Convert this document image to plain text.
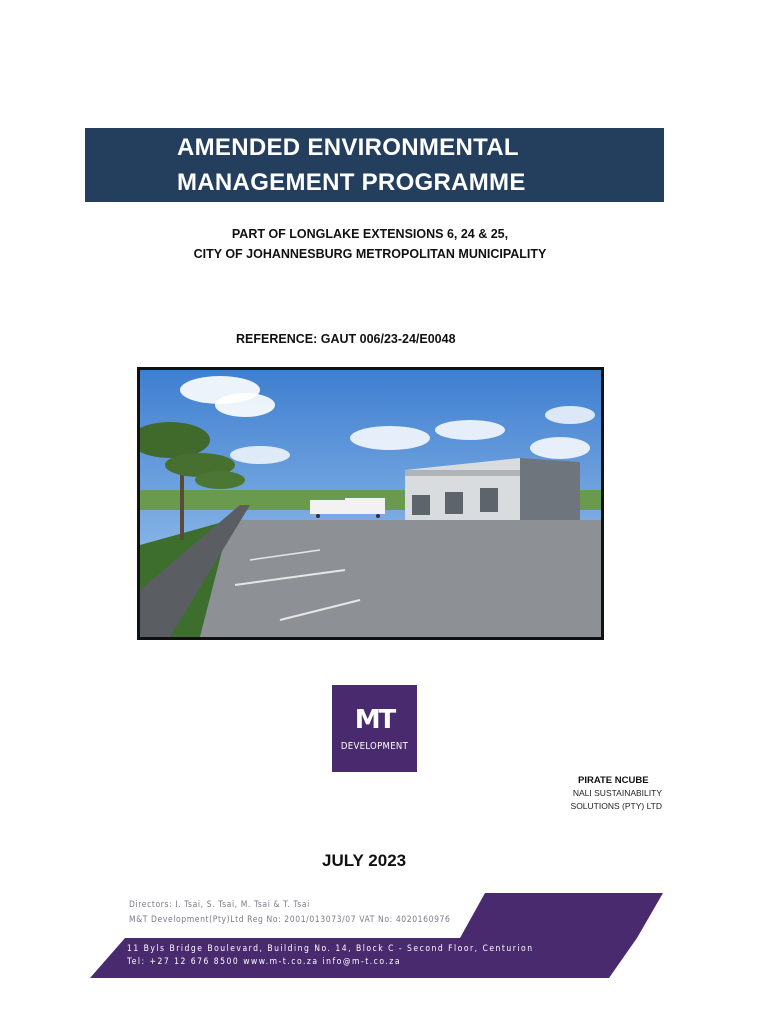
AMENDED ENVIRONMENTAL
MANAGEMENT PROGRAMME
PART OF LONGLAKE EXTENSIONS 6, 24 & 25,
CITY OF JOHANNESBURG METROPOLITAN MUNICIPALITY
REFERENCE: GAUT 006/23-24/E0048
MT
DEVELOPMENT
PIRATE NCUBE
NALI SUSTAINABILITY
SOLUTIONS (PTY) LTD
JULY 2023
Directors: I. Tsai, S. Tsai, M. Tsai & T. Tsai
M&T Development(Pty)Ltd Reg No: 2001/013073/07 VAT No: 4020160976
11 Byls Bridge Boulevard, Building No. 14, Block C - Second Floor, Centurion
Tel: +27 12 676 8500 www.m-t.co.za info@m-t.co.za
